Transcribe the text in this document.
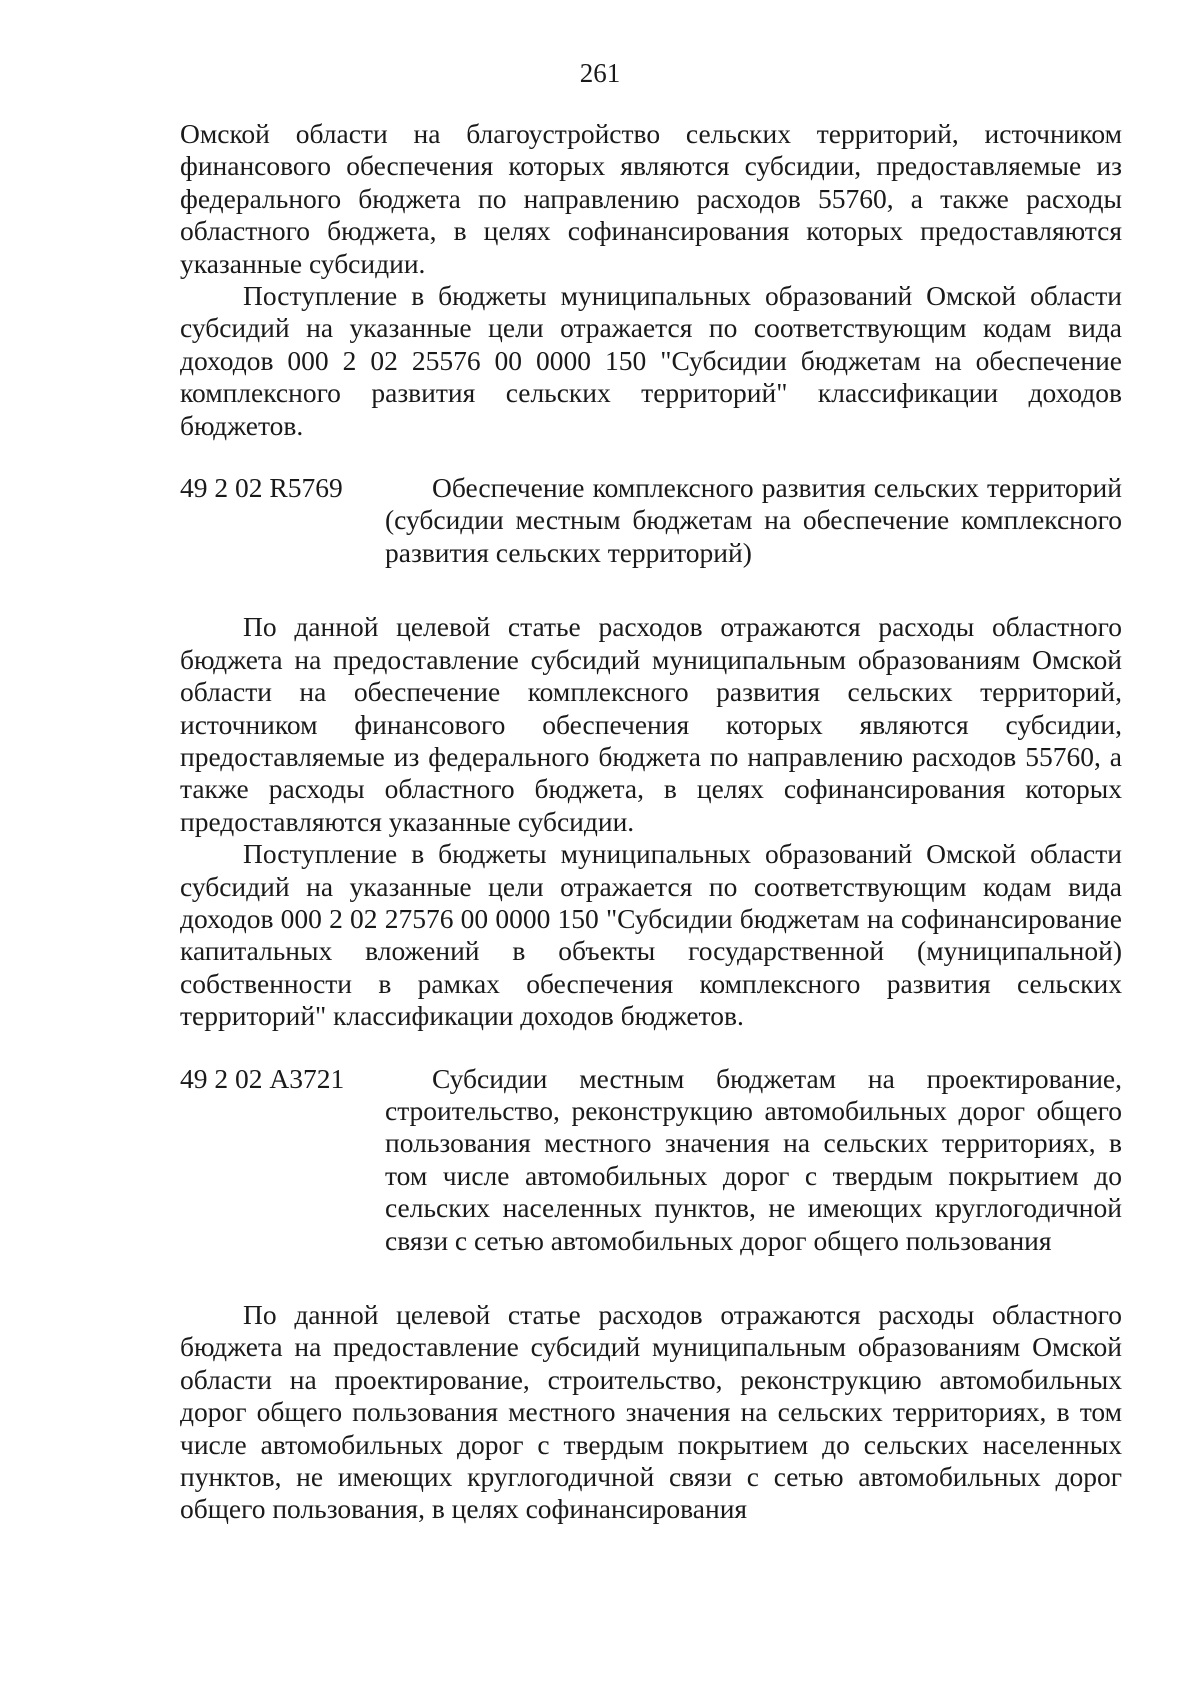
261

Омской области на благоустройство сельских территорий, источником финансового обеспечения которых являются субсидии, предоставляемые из федерального бюджета по направлению расходов 55760, а также расходы областного бюджета, в целях софинансирования которых предоставляются указанные субсидии.

Поступление в бюджеты муниципальных образований Омской области субсидий на указанные цели отражается по соответствующим кодам вида доходов 000 2 02 25576 00 0000 150 "Субсидии бюджетам на обеспечение комплексного развития сельских территорий" классификации доходов бюджетов.

49 2 02 R5769	Обеспечение комплексного развития сельских территорий (субсидии местным бюджетам на обеспечение комплексного развития сельских территорий)

По данной целевой статье расходов отражаются расходы областного бюджета на предоставление субсидий муниципальным образованиям Омской области на обеспечение комплексного развития сельских территорий, источником финансового обеспечения которых являются субсидии, предоставляемые из федерального бюджета по направлению расходов 55760, а также расходы областного бюджета, в целях софинансирования которых предоставляются указанные субсидии.

Поступление в бюджеты муниципальных образований Омской области субсидий на указанные цели отражается по соответствующим кодам вида доходов 000 2 02 27576 00 0000 150 "Субсидии бюджетам на софинансирование капитальных вложений в объекты государственной (муниципальной) собственности в рамках обеспечения комплексного развития сельских территорий" классификации доходов бюджетов.

49 2 02 А3721	Субсидии местным бюджетам на проектирование, строительство, реконструкцию автомобильных дорог общего пользования местного значения на сельских территориях, в том числе автомобильных дорог с твердым покрытием до сельских населенных пунктов, не имеющих круглогодичной связи с сетью автомобильных дорог общего пользования

По данной целевой статье расходов отражаются расходы областного бюджета на предоставление субсидий муниципальным образованиям Омской области на проектирование, строительство, реконструкцию автомобильных дорог общего пользования местного значения на сельских территориях, в том числе автомобильных дорог с твердым покрытием до сельских населенных пунктов, не имеющих круглогодичной связи с сетью автомобильных дорог общего пользования, в целях софинансирования
